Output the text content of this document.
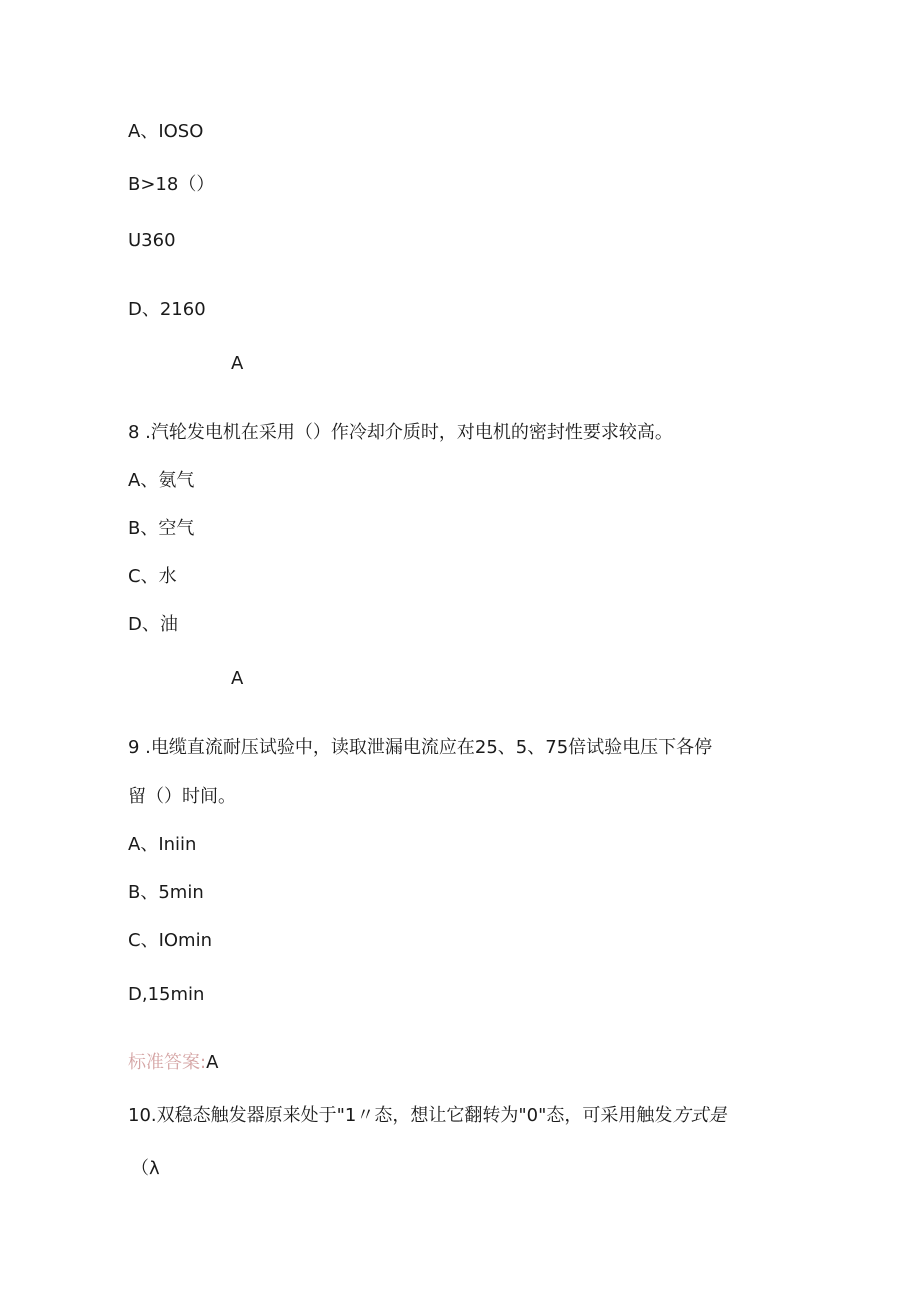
A、IOSO
B>18（）
U360
D、2160
A
8 .汽轮发电机在采用（）作冷却介质时，对电机的密封性要求较高。
A、氨气
B、空气
C、水
D、油
A
9 .电缆直流耐压试验中，读取泄漏电流应在25、5、75倍试验电压下各停
留（）时间。
A、Iniin
B、5min
C、IOmin
D,15min
标准答案:A
10.双稳态触发器原来处于"1〃态，想让它翻转为"0"态，可采用触发方式是
（λ
